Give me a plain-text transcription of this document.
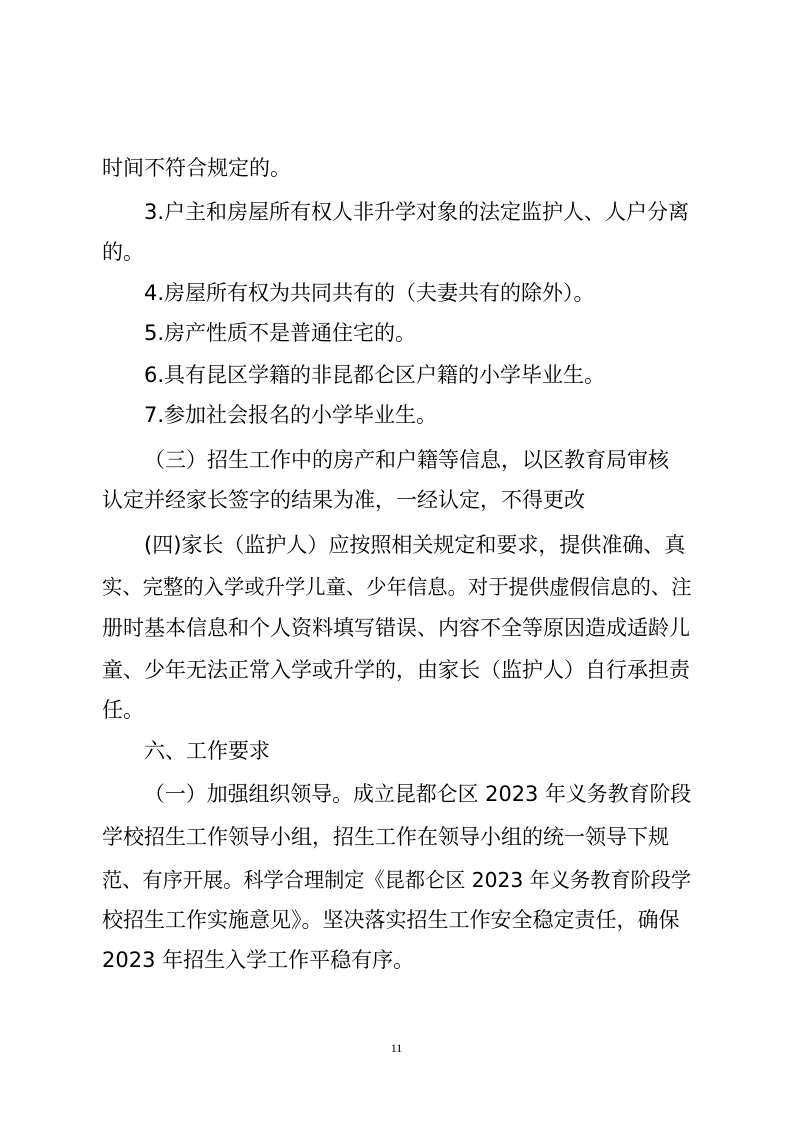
时间不符合规定的。
3.户主和房屋所有权人非升学对象的法定监护人、人户分离
的。
4.房屋所有权为共同共有的（夫妻共有的除外）。
5.房产性质不是普通住宅的。
6.具有昆区学籍的非昆都仑区户籍的小学毕业生。
7.参加社会报名的小学毕业生。
（三）招生工作中的房产和户籍等信息，以区教育局审核
认定并经家长签字的结果为准，一经认定，不得更改
(四)家长（监护人）应按照相关规定和要求，提供准确、真
实、完整的入学或升学儿童、少年信息。对于提供虚假信息的、注
册时基本信息和个人资料填写错误、内容不全等原因造成适龄儿
童、少年无法正常入学或升学的，由家长（监护人）自行承担责
任。
六、工作要求
（一）加强组织领导。成立昆都仑区 2023 年义务教育阶段
学校招生工作领导小组，招生工作在领导小组的统一领导下规
范、有序开展。科学合理制定《昆都仑区 2023 年义务教育阶段学
校招生工作实施意见》。坚决落实招生工作安全稳定责任，确保
2023 年招生入学工作平稳有序。
11
